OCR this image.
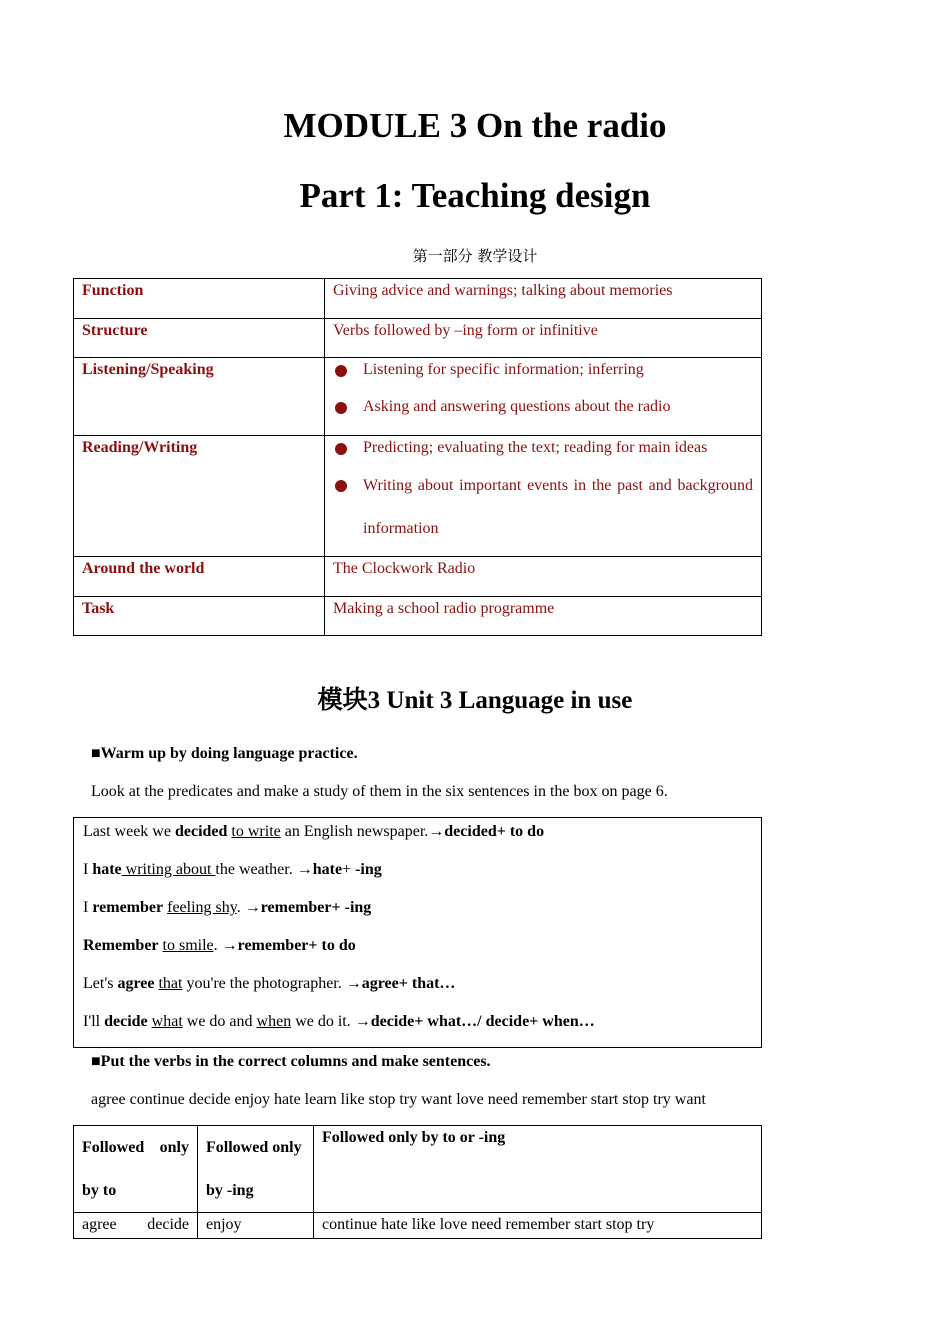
MODULE 3 On the radio
Part 1: Teaching design
第一部分 教学设计
Function	Giving advice and warnings; talking about memories
Structure	Verbs followed by –ing form or infinitive
Listening/Speaking	Listening for specific information; inferring
Asking and answering questions about the radio

Reading/Writing	Predicting; evaluating the text; reading for main ideas
Writing about important events in the past and background information

Around the world	The Clockwork Radio
Task	Making a school radio programme
模块3 Unit 3 Language in use
■Warm up by doing language practice.
Look at the predicates and make a study of them in the six sentences in the box on page 6.
Last week we decided to write an English newspaper.→decided+ to do
I hate writing about the weather. →hate+ -ing
I remember feeling shy. →remember+ -ing
Remember to smile. →remember+ to do
Let's agree that you're the photographer. →agree+ that…
I'll decide what we do and when we do it. →decide+ what…/ decide+ when…
■Put the verbs in the correct columns and make sentences.
agree continue decide enjoy hate learn like stop try want love need remember start stop try want
Followed only by to	Followed only by -ing	Followed only by to or -ing

agree decide	enjoy	continue hate like love need remember start stop try
